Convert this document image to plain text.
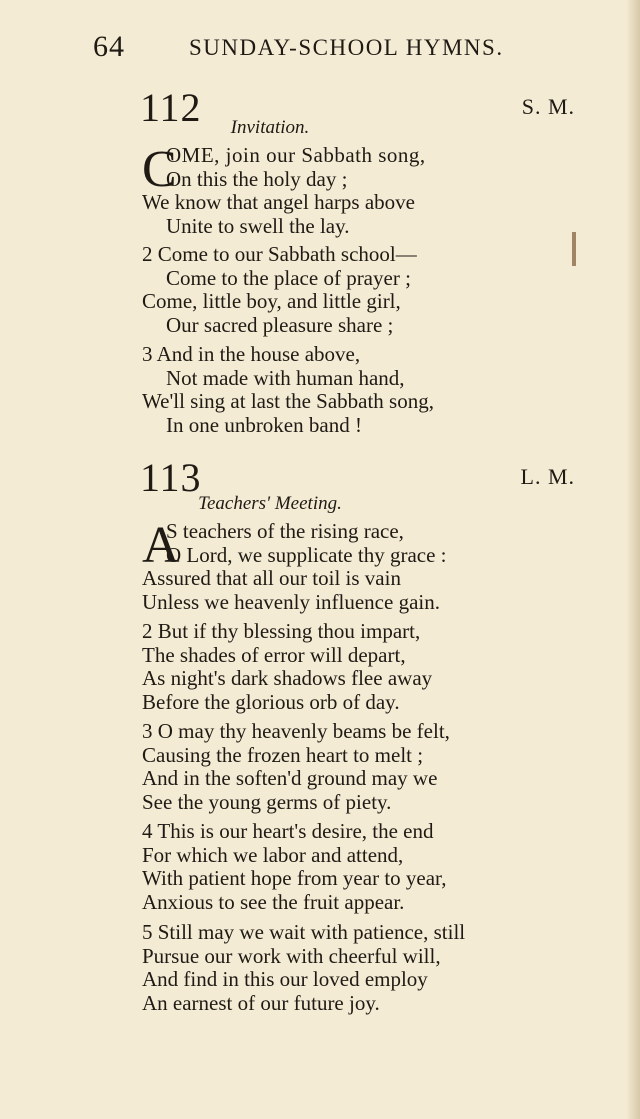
64	SUNDAY-SCHOOL HYMNS.
112	S. M.
Invitation.
C
OME, join our Sabbath song,
On this the holy day ;
We know that angel harps above
Unite to swell the lay.
2 Come to our Sabbath school—
Come to the place of prayer ;
Come, little boy, and little girl,
Our sacred pleasure share ;
3 And in the house above,
Not made with human hand,
We'll sing at last the Sabbath song,
In one unbroken band !
113	L. M.
Teachers' Meeting.
A
S teachers of the rising race,
O Lord, we supplicate thy grace :
Assured that all our toil is vain
Unless we heavenly influence gain.
2 But if thy blessing thou impart,
The shades of error will depart,
As night's dark shadows flee away
Before the glorious orb of day.
3 O may thy heavenly beams be felt,
Causing the frozen heart to melt ;
And in the soften'd ground may we
See the young germs of piety.
4 This is our heart's desire, the end
For which we labor and attend,
With patient hope from year to year,
Anxious to see the fruit appear.
5 Still may we wait with patience, still
Pursue our work with cheerful will,
And find in this our loved employ
An earnest of our future joy.
